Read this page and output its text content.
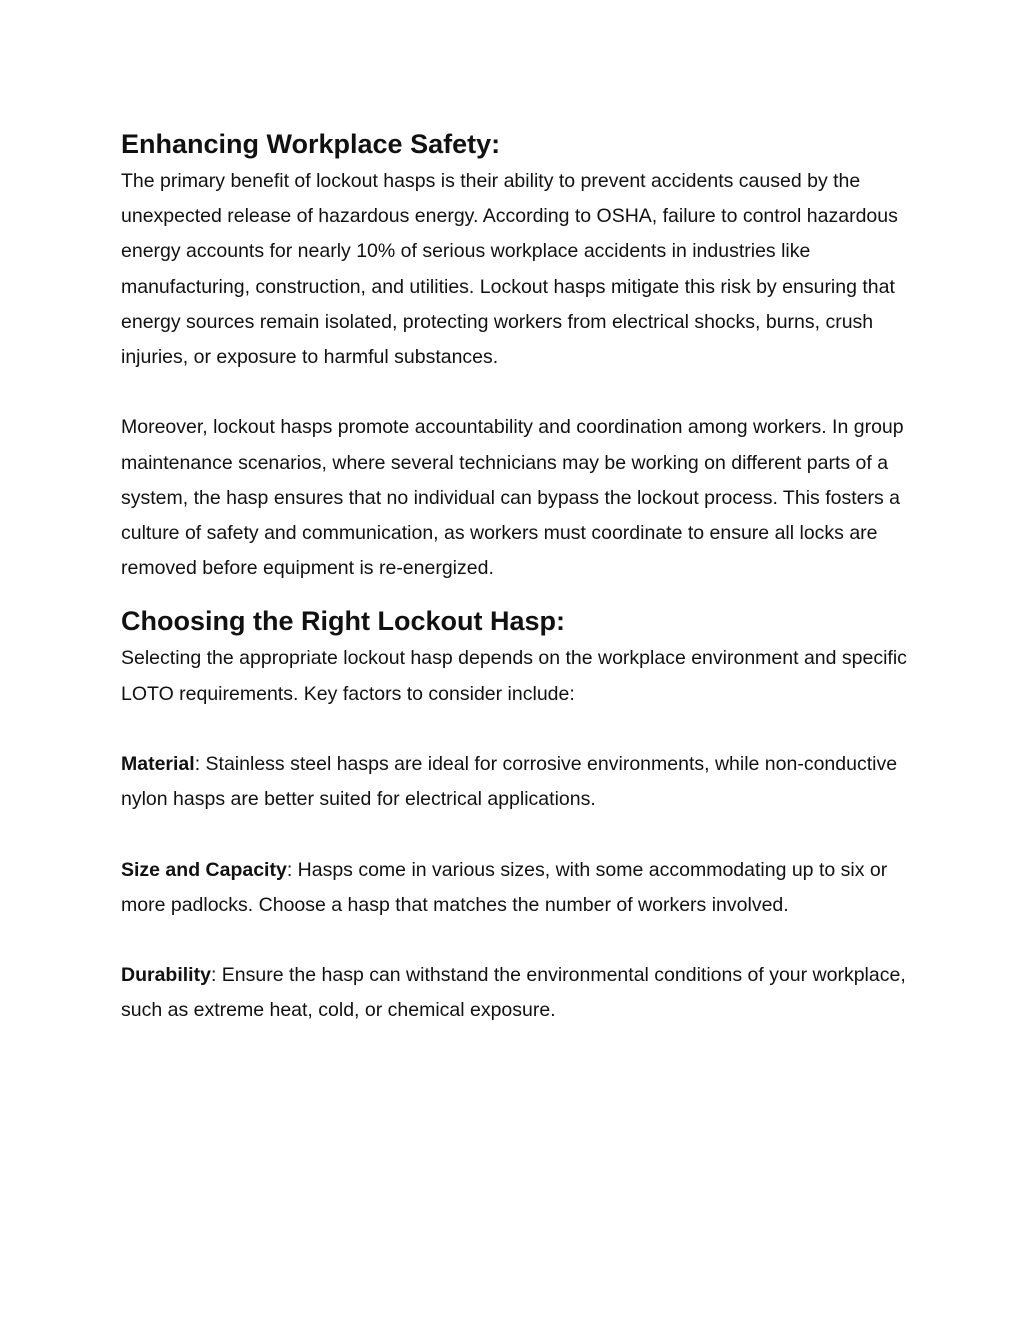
Enhancing Workplace Safety:

The primary benefit of lockout hasps is their ability to prevent accidents caused by the unexpected release of hazardous energy. According to OSHA, failure to control hazardous energy accounts for nearly 10% of serious workplace accidents in industries like manufacturing, construction, and utilities. Lockout hasps mitigate this risk by ensuring that energy sources remain isolated, protecting workers from electrical shocks, burns, crush injuries, or exposure to harmful substances.

Moreover, lockout hasps promote accountability and coordination among workers. In group maintenance scenarios, where several technicians may be working on different parts of a system, the hasp ensures that no individual can bypass the lockout process. This fosters a culture of safety and communication, as workers must coordinate to ensure all locks are removed before equipment is re-energized.

Choosing the Right Lockout Hasp:

Selecting the appropriate lockout hasp depends on the workplace environment and specific LOTO requirements. Key factors to consider include:

Material: Stainless steel hasps are ideal for corrosive environments, while non-conductive nylon hasps are better suited for electrical applications.

Size and Capacity: Hasps come in various sizes, with some accommodating up to six or more padlocks. Choose a hasp that matches the number of workers involved.

Durability: Ensure the hasp can withstand the environmental conditions of your workplace, such as extreme heat, cold, or chemical exposure.
